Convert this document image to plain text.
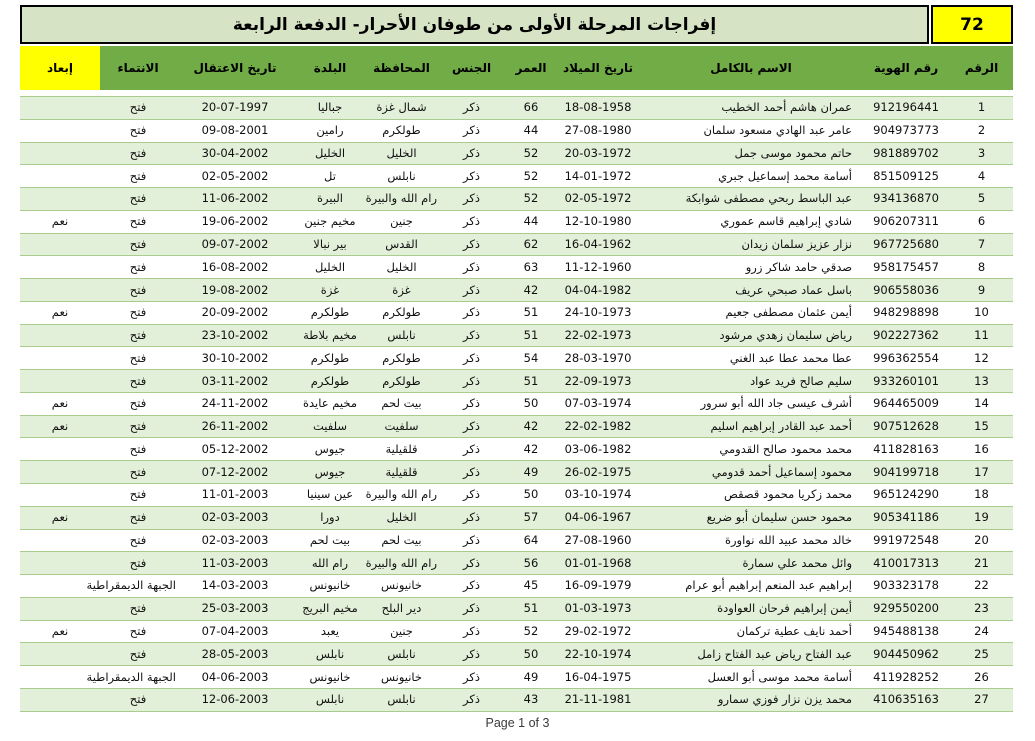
72
إفراجات المرحلة الأولى من طوفان الأحرار- الدفعة الرابعة
الرقم
رقم الهوية
الاسم بالكامل
تاريخ الميلاد
العمر
الجنس
المحافظة
البلدة
تاريخ الاعتقال
الانتماء
إبعاد
1
912196441
عمران هاشم أحمد الخطيب
18-08-1958
66
ذكر
شمال غزة
جباليا
20-07-1997
فتح
2
904973773
عامر عبد الهادي مسعود سلمان
27-08-1980
44
ذكر
طولكرم
رامين
09-08-2001
فتح
3
981889702
حاتم محمود موسى جمل
20-03-1972
52
ذكر
الخليل
الخليل
30-04-2002
فتح
4
851509125
أسامة محمد إسماعيل جبري
14-01-1972
52
ذكر
نابلس
تل
02-05-2002
فتح
5
934136870
عبد الباسط ربحي مصطفى شوابكة
02-05-1972
52
ذكر
رام الله والبيرة
البيرة
11-06-2002
فتح
6
906207311
شادي إبراهيم قاسم عموري
12-10-1980
44
ذكر
جنين
مخيم جنين
19-06-2002
فتح
نعم
7
967725680
نزار عزيز سلمان زيدان
16-04-1962
62
ذكر
القدس
بير نبالا
09-07-2002
فتح
8
958175457
صدقي حامد شاكر زرو
11-12-1960
63
ذكر
الخليل
الخليل
16-08-2002
فتح
9
906558036
باسل عماد صبحي عريف
04-04-1982
42
ذكر
غزة
غزة
19-08-2002
فتح
10
948298898
أيمن عثمان مصطفى جعيم
24-10-1973
51
ذكر
طولكرم
طولكرم
20-09-2002
فتح
نعم
11
902227362
رياض سليمان زهدي مرشود
22-02-1973
51
ذكر
نابلس
مخيم بلاطة
23-10-2002
فتح
12
996362554
عطا محمد عطا عبد الغني
28-03-1970
54
ذكر
طولكرم
طولكرم
30-10-2002
فتح
13
933260101
سليم صالح فريد عواد
22-09-1973
51
ذكر
طولكرم
طولكرم
03-11-2002
فتح
14
964465009
أشرف عيسى جاد الله أبو سرور
07-03-1974
50
ذكر
بيت لحم
مخيم عايدة
24-11-2002
فتح
نعم
15
907512628
أحمد عبد القادر إبراهيم اسليم
22-02-1982
42
ذكر
سلفيت
سلفيت
26-11-2002
فتح
نعم
16
411828163
محمد محمود صالح القدومي
03-06-1982
42
ذكر
قلقيلية
جيوس
05-12-2002
فتح
17
904199718
محمود إسماعيل أحمد قدومي
26-02-1975
49
ذكر
قلقيلية
جيوس
07-12-2002
فتح
18
965124290
محمد زكريا محمود قصقص
03-10-1974
50
ذكر
رام الله والبيرة
عين سينيا
11-01-2003
فتح
19
905341186
محمود حسن سليمان أبو ضريع
04-06-1967
57
ذكر
الخليل
دورا
02-03-2003
فتح
نعم
20
991972548
خالد محمد عبيد الله نواورة
27-08-1960
64
ذكر
بيت لحم
بيت لحم
02-03-2003
فتح
21
410017313
وائل محمد علي سمارة
01-01-1968
56
ذكر
رام الله والبيرة
رام الله
11-03-2003
فتح
22
903323178
إبراهيم عبد المنعم إبراهيم أبو عرام
16-09-1979
45
ذكر
خانيونس
خانيونس
14-03-2003
الجبهة الديمقراطية
23
929550200
أيمن إبراهيم فرحان العواودة
01-03-1973
51
ذكر
دير البلح
مخيم البريج
25-03-2003
فتح
24
945488138
أحمد نايف عطية تركمان
29-02-1972
52
ذكر
جنين
يعبد
07-04-2003
فتح
نعم
25
904450962
عبد الفتاح رياض عبد الفتاح زامل
22-10-1974
50
ذكر
نابلس
نابلس
28-05-2003
فتح
26
411928252
أسامة محمد موسى أبو العسل
16-04-1975
49
ذكر
خانيونس
خانيونس
04-06-2003
الجبهة الديمقراطية
27
410635163
محمد يزن نزار فوزي سمارو
21-11-1981
43
ذكر
نابلس
نابلس
12-06-2003
فتح
Page 1 of 3
